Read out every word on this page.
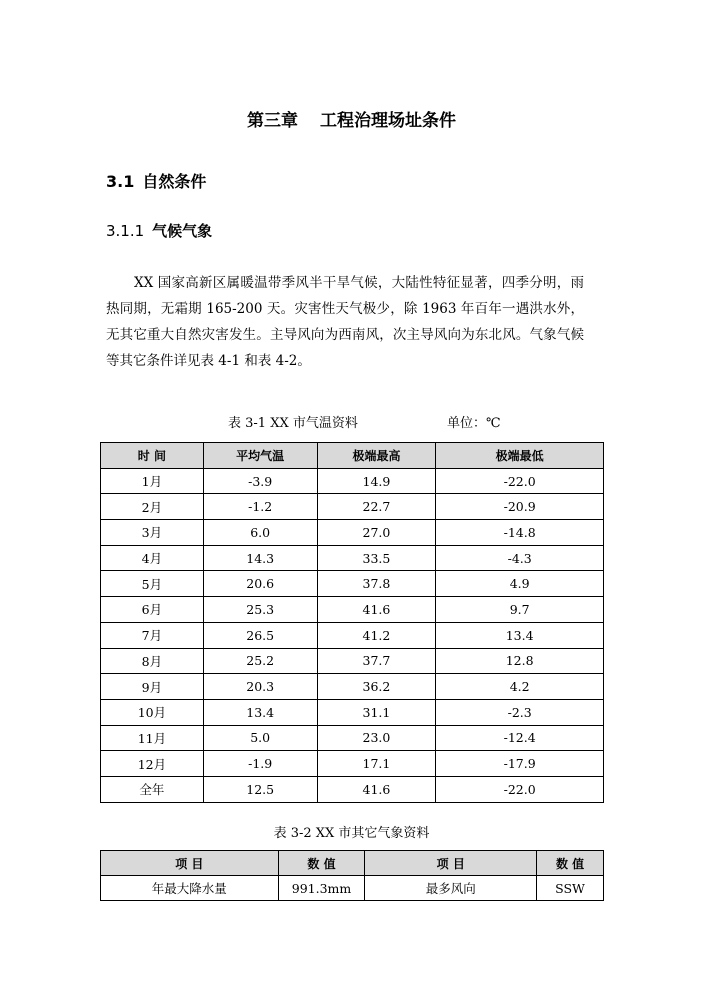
第三章 工程治理场址条件
3.1 自然条件
3.1.1 气候气象

XX 国家高新区属暖温带季风半干旱气候，大陆性特征显著，四季分明，雨热同期，无霜期 165-200 天。灾害性天气极少，除 1963 年百年一遇洪水外，无其它重大自然灾害发生。主导风向为西南风，次主导风向为东北风。气象气候等其它条件详见表 4-1 和表 4-2。

表 3-1 XX 市气温资料	单位：℃
时 间	平均气温	极端最高	极端最低
1月	-3.9	14.9	-22.0
2月	-1.2	22.7	-20.9
3月	6.0	27.0	-14.8
4月	14.3	33.5	-4.3
5月	20.6	37.8	4.9
6月	25.3	41.6	9.7
7月	26.5	41.2	13.4
8月	25.2	37.7	12.8
9月	20.3	36.2	4.2
10月	13.4	31.1	-2.3
11月	5.0	23.0	-12.4
12月	-1.9	17.1	-17.9
全年	12.5	41.6	-22.0
表 3-2 XX 市其它气象资料
项 目	数 值	项 目	数 值
年最大降水量	991.3mm	最多风向	SSW
